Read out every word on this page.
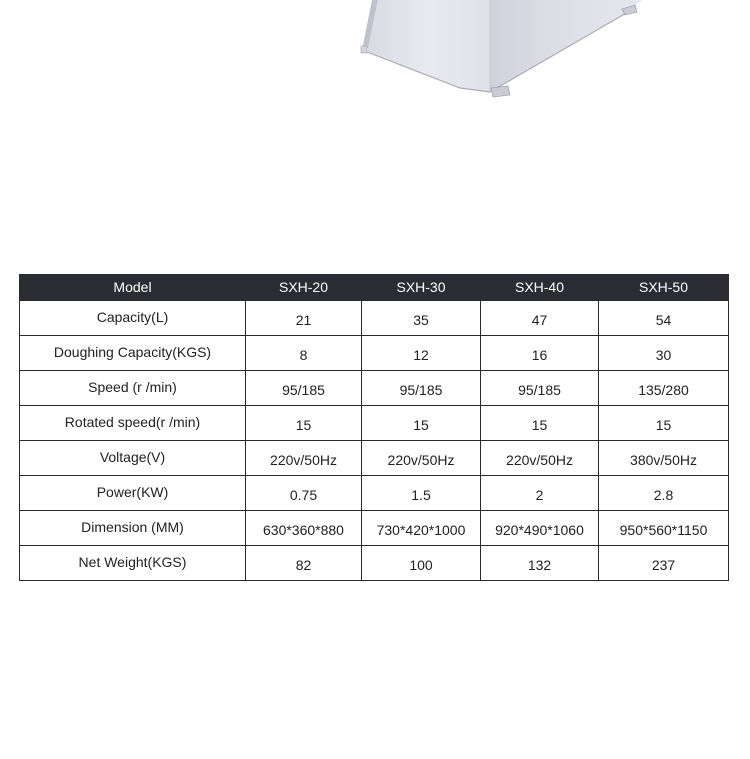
Model	SXH-20	SXH-30	SXH-40	SXH-50
Capacity(L)	21	35	47	54
Doughing Capacity(KGS)	8	12	16	30
Speed (r /min)	95/185	95/185	95/185	135/280
Rotated speed(r /min)	15	15	15	15
Voltage(V)	220v/50Hz	220v/50Hz	220v/50Hz	380v/50Hz
Power(KW)	0.75	1.5	2	2.8
Dimension (MM)	630*360*880	730*420*1000	920*490*1060	950*560*1150
Net Weight(KGS)	82	100	132	237
